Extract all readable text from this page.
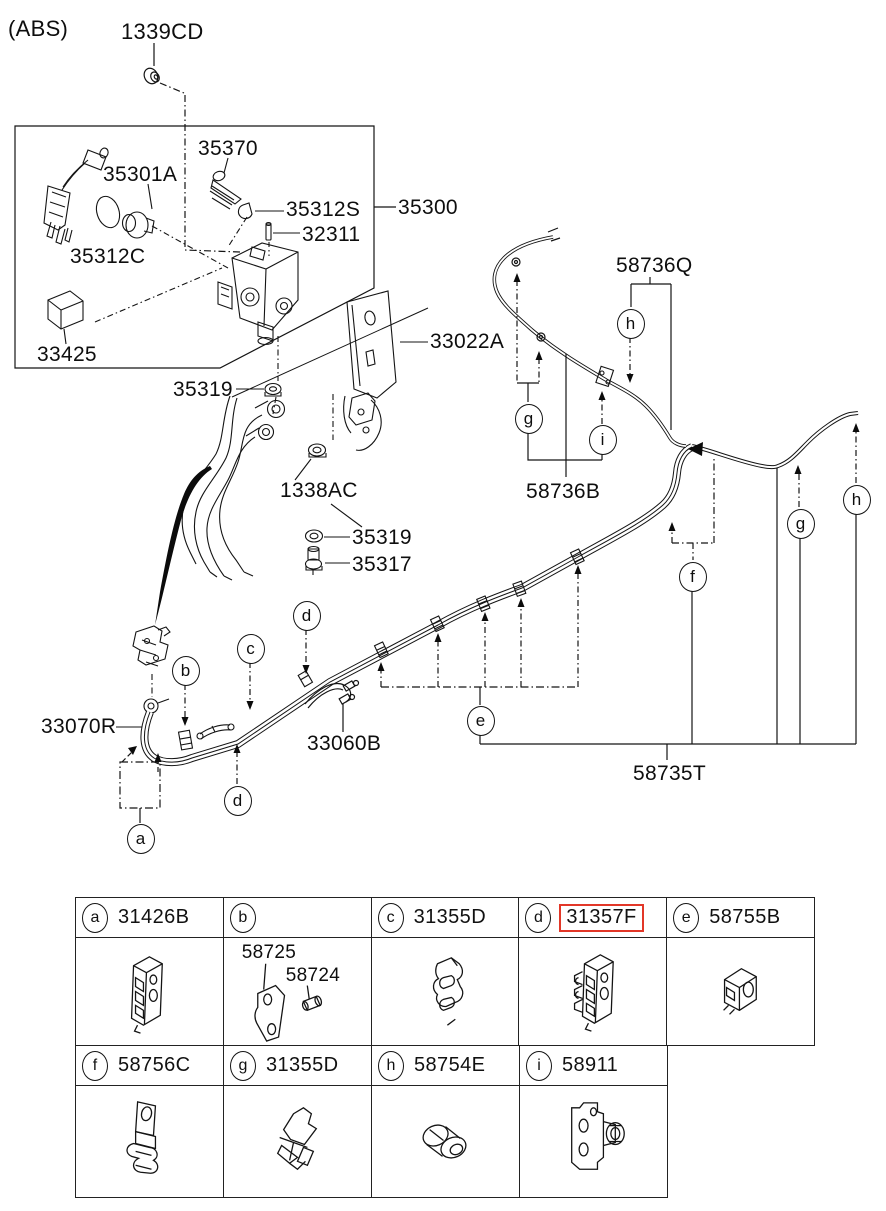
(ABS) 1339CD
35370
35301A
35312C
35312S 35300
32311
33425
35319
33022A
1338AC
35319
35317
58736Q
58736B
33070R
33060B
58735T
a
b
c
d
d
e
f
g
g
h
h
i
a 31426B	b	c 31355D	d	31357F	e 58755B
58725
58724
f	58756C	g 31355D	h 58754E	i	58911
